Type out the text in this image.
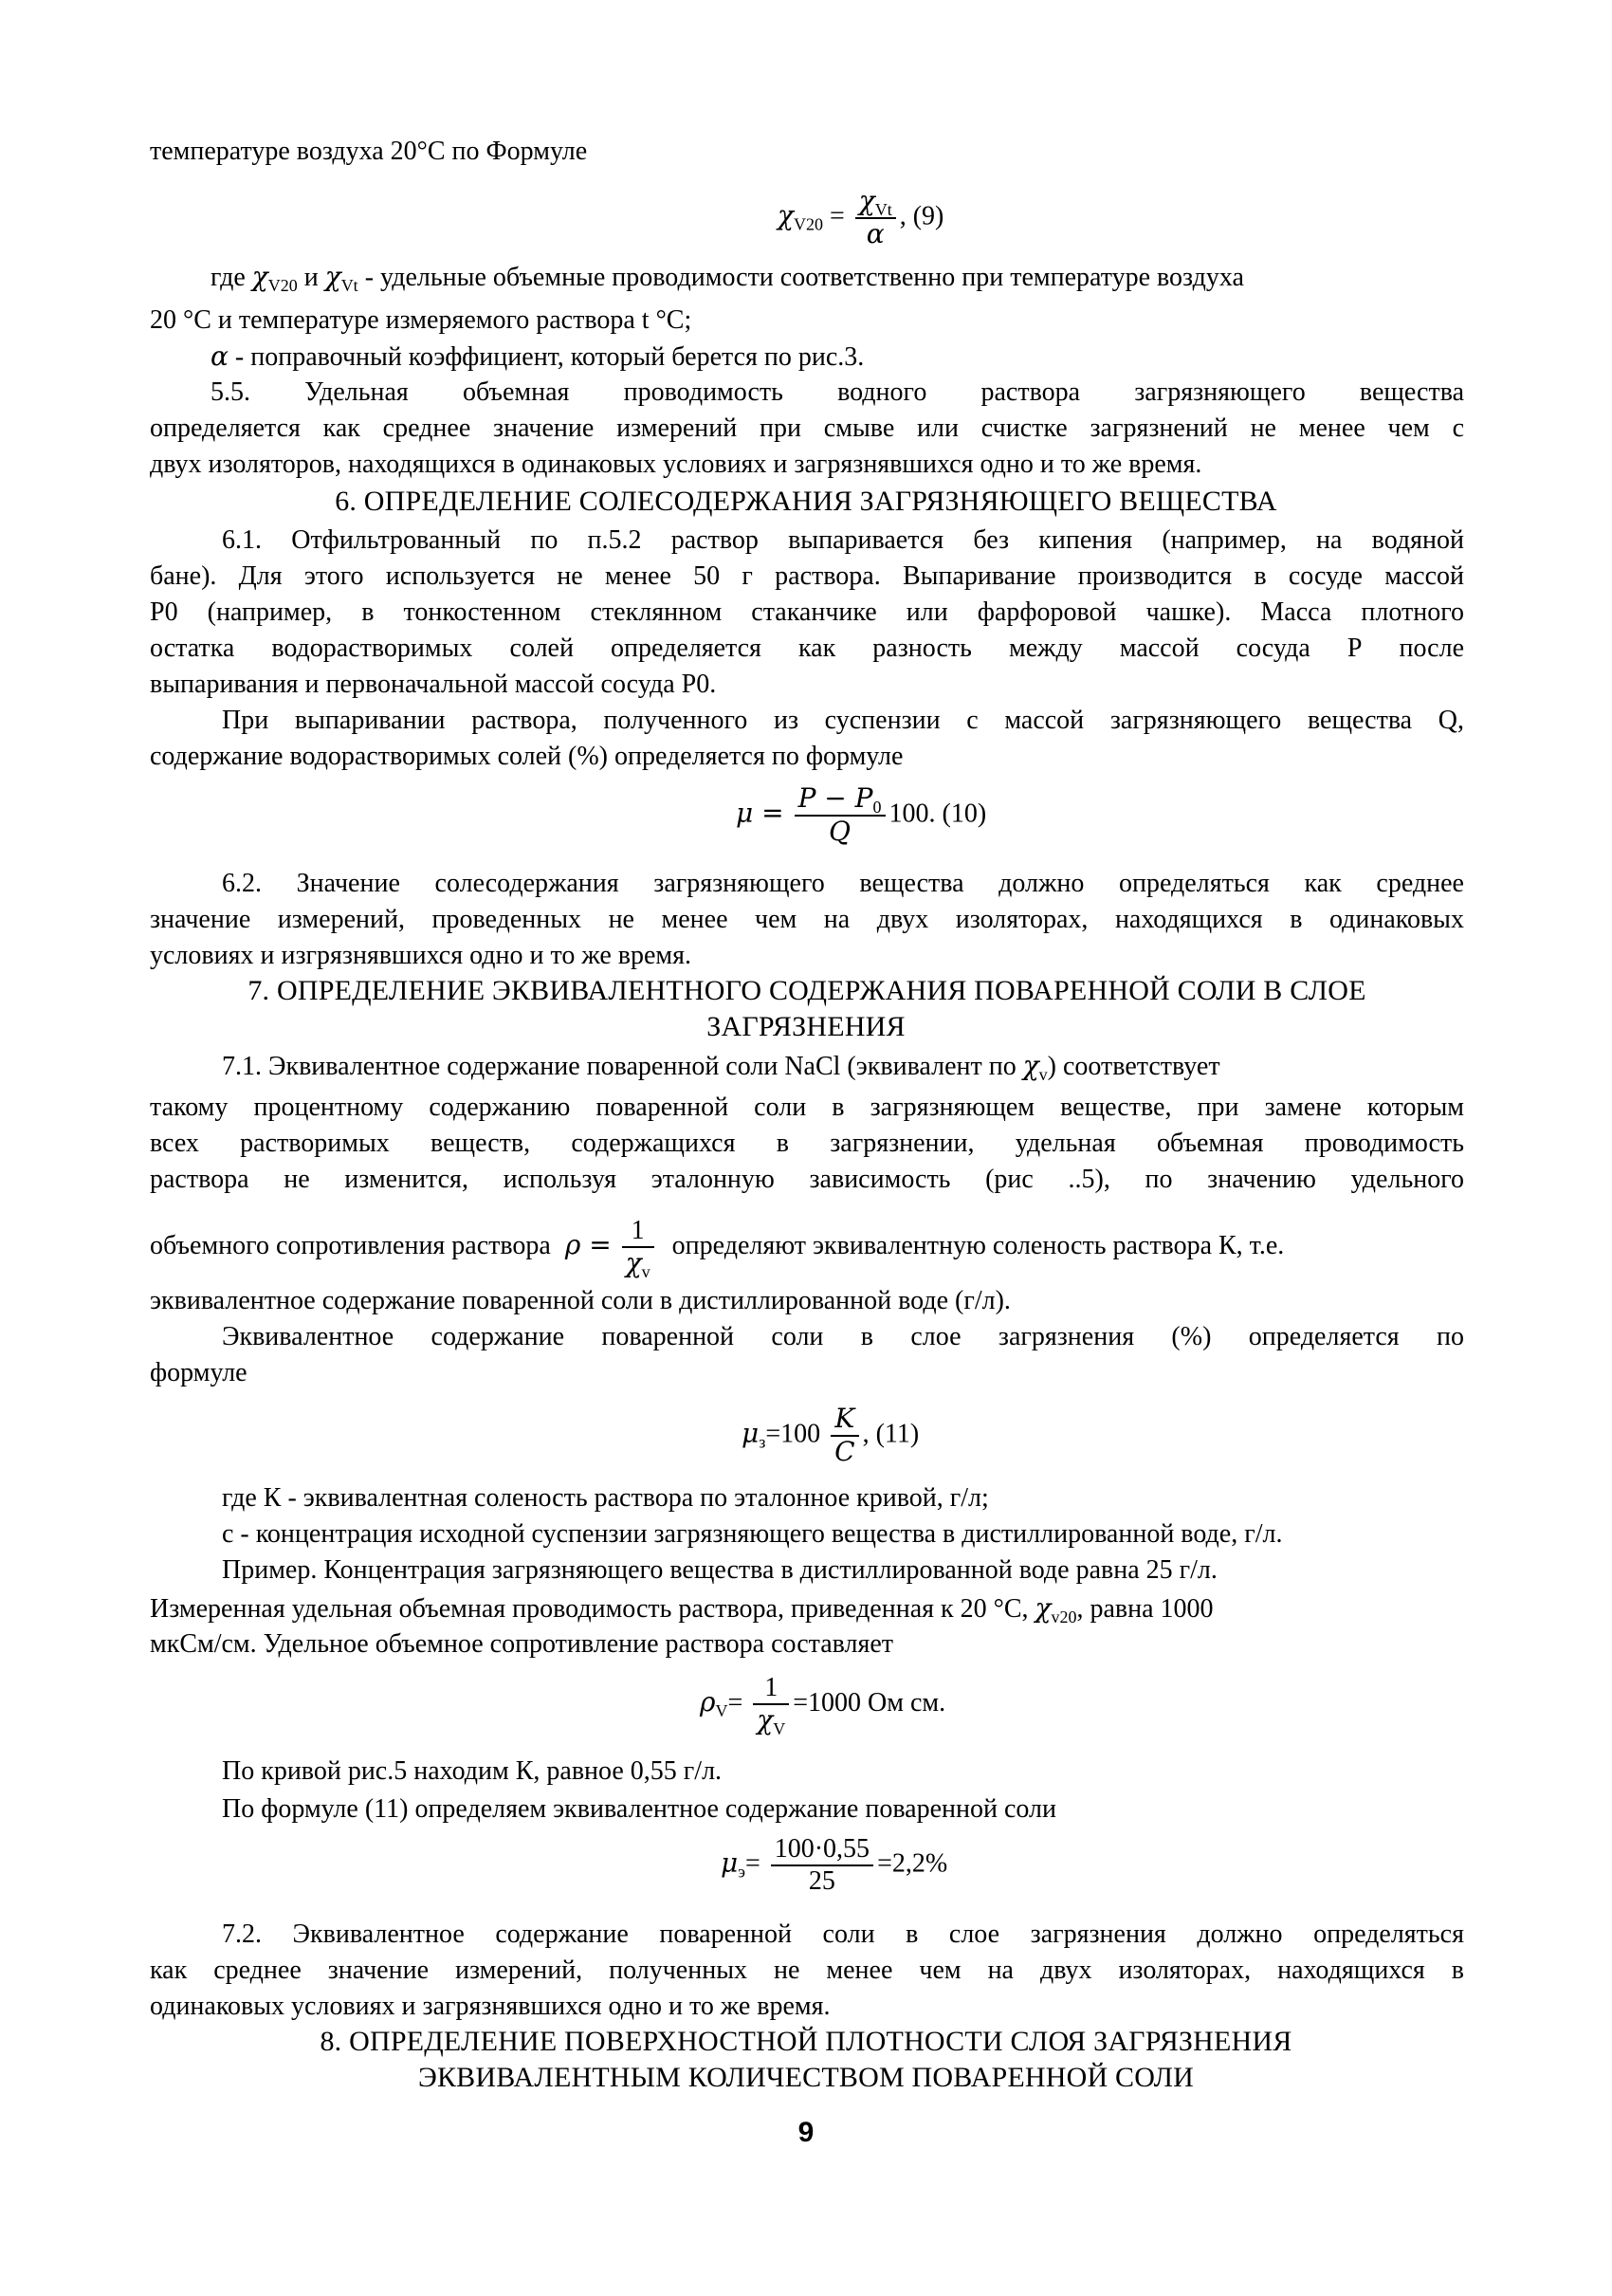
температуре воздуха 20°С по Формуле
$\chi_{V20} = \frac{\chi_{Vt}}{\alpha}$ , (9)
где $\chi_{V20}$ и $\chi_{Vt}$ - удельные объемные проводимости соответственно при температуре воздуха
20 °С и температуре измеряемого раствора t °С;
α - поправочный коэффициент, который берется по рис.3.
5.5. Удельная объемная проводимость водного раствора загрязняющего вещества
определяется как среднее значение измерений при смыве или счистке загрязнений не менее чем с
двух изоляторов, находящихся в одинаковых условиях и загрязнявшихся одно и то же время.
6. ОПРЕДЕЛЕНИЕ СОЛЕСОДЕРЖАНИЯ ЗАГРЯЗНЯЮЩЕГО ВЕЩЕСТВА
6.1. Отфильтрованный по п.5.2 раствор выпаривается без кипения (например, на водяной
бане). Для этого используется не менее 50 г раствора. Выпаривание производится в сосуде массой
Р0 (например, в тонкостенном стеклянном стаканчике или фарфоровой чашке). Масса плотного
остатка водорастворимых солей определяется как разность между массой сосуда Р после
выпаривания и первоначальной массой сосуда Р0.
При выпаривании раствора, полученного из суспензии с массой загрязняющего вещества Q,
содержание водорастворимых солей (%) определяется по формуле
$\mu = \frac{P - P_0}{Q} 100$. (10)
6.2. Значение солесодержания загрязняющего вещества должно определяться как среднее
значение измерений, проведенных не менее чем на двух изоляторах, находящихся в одинаковых
условиях и изгрязнявшихся одно и то же время.
7. ОПРЕДЕЛЕНИЕ ЭКВИВАЛЕНТНОГО СОДЕРЖАНИЯ ПОВАРЕННОЙ СОЛИ В СЛОЕ
ЗАГРЯЗНЕНИЯ
7.1. Эквивалентное содержание поваренной соли NaCl (эквивалент по $\chi_v$) соответствует
такому процентному содержанию поваренной соли в загрязняющем веществе, при замене которым
всех растворимых веществ, содержащихся в загрязнении, удельная объемная проводимость
раствора не изменится, используя эталонную зависимость (рис ..5), по значению удельного
объемного сопротивления раствора $\rho = \frac{1}{\chi_v}$ определяют эквивалентную соленость раствора К, т.е.
эквивалентное содержание поваренной соли в дистиллированной воде (г/л).
Эквивалентное содержание поваренной соли в слое загрязнения (%) определяется по
формуле
$\mu_з=100 \frac{K}{C}$ , (11)
где К - эквивалентная соленость раствора по эталонное кривой, г/л;
с - концентрация исходной суспензии загрязняющего вещества в дистиллированной воде, г/л.
Пример. Концентрация загрязняющего вещества в дистиллированной воде равна 25 г/л.
Измеренная удельная объемная проводимость раствора, приведенная к 20 °С, $\chi_{v20}$, равна 1000
мкСм/см. Удельное объемное сопротивление раствора составляет
$\rho_V= \frac{1}{\chi_V} =1000$ Ом см.
По кривой рис.5 находим К, равное 0,55 г/л.
По формуле (11) определяем эквивалентное содержание поваренной соли
$\mu_э= \frac{100\cdot 0,55}{25} =2,2\%$
7.2. Эквивалентное содержание поваренной соли в слое загрязнения должно определяться
как среднее значение измерений, полученных не менее чем на двух изоляторах, находящихся в
одинаковых условиях и загрязнявшихся одно и то же время.
8. ОПРЕДЕЛЕНИЕ ПОВЕРХНОСТНОЙ ПЛОТНОСТИ СЛОЯ ЗАГРЯЗНЕНИЯ
ЭКВИВАЛЕНТНЫМ КОЛИЧЕСТВОМ ПОВАРЕННОЙ СОЛИ
9
